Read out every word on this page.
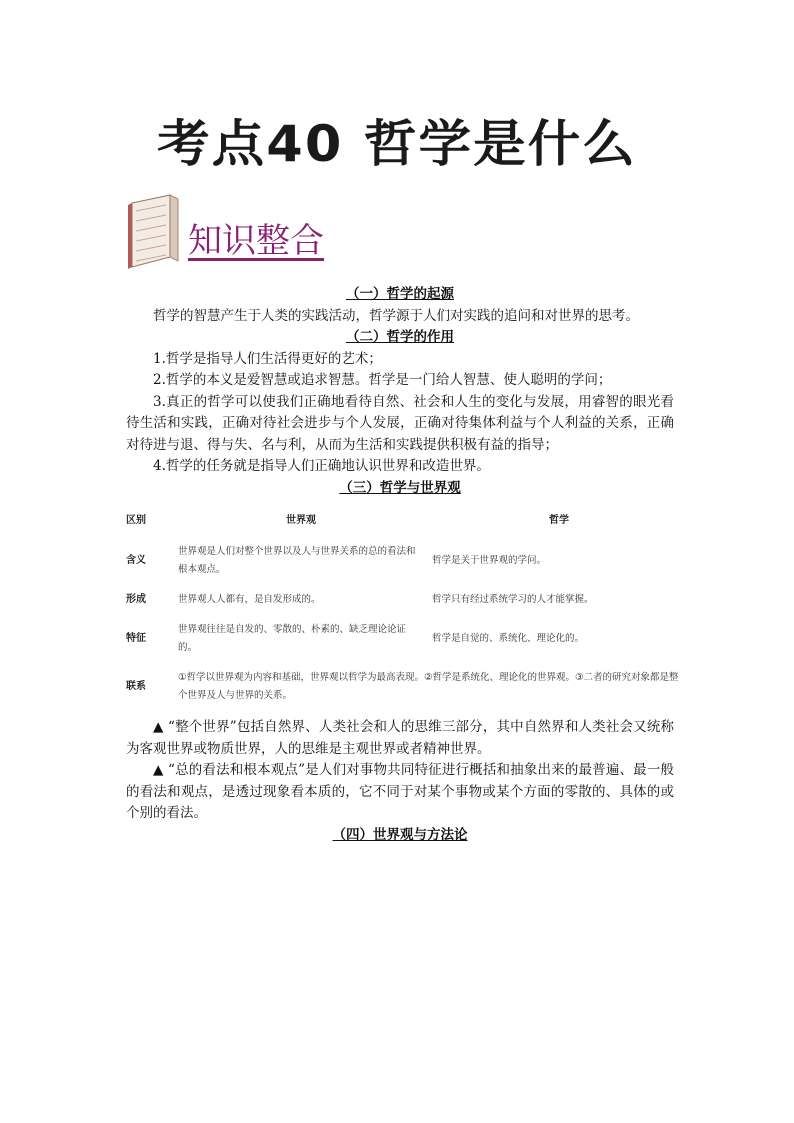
考点40 哲学是什么
知识整合
（一）哲学的起源

哲学的智慧产生于人类的实践活动，哲学源于人们对实践的追问和对世界的思考。

（二）哲学的作用

1.哲学是指导人们生活得更好的艺术；

2.哲学的本义是爱智慧或追求智慧。哲学是一门给人智慧、使人聪明的学问；

3.真正的哲学可以使我们正确地看待自然、社会和人生的变化与发展，用睿智的眼光看待生活和实践，正确对待社会进步与个人发展，正确对待集体利益与个人利益的关系，正确对待进与退、得与失、名与利，从而为生活和实践提供积极有益的指导；

4.哲学的任务就是指导人们正确地认识世界和改造世界。

（三）哲学与世界观
区别	世界观	哲学
含义	世界观是人们对整个世界以及人与世界关系的总的看法和根本观点。	哲学是关于世界观的学问。
形成	世界观人人都有，是自发形成的。	哲学只有经过系统学习的人才能掌握。
特征	世界观往往是自发的、零散的、朴素的、缺乏理论论证的。	哲学是自觉的、系统化、理论化的。
联系	①哲学以世界观为内容和基础，世界观以哲学为最高表现。②哲学是系统化、理论化的世界观。③二者的研究对象都是整个世界及人与世界的关系。	

▲ “整个世界”包括自然界、人类社会和人的思维三部分，其中自然界和人类社会又统称为客观世界或物质世界，人的思维是主观世界或者精神世界。

▲ “总的看法和根本观点”是人们对事物共同特征进行概括和抽象出来的最普遍、最一般的看法和观点，是透过现象看本质的，它不同于对某个事物或某个方面的零散的、具体的或个别的看法。

（四）世界观与方法论
